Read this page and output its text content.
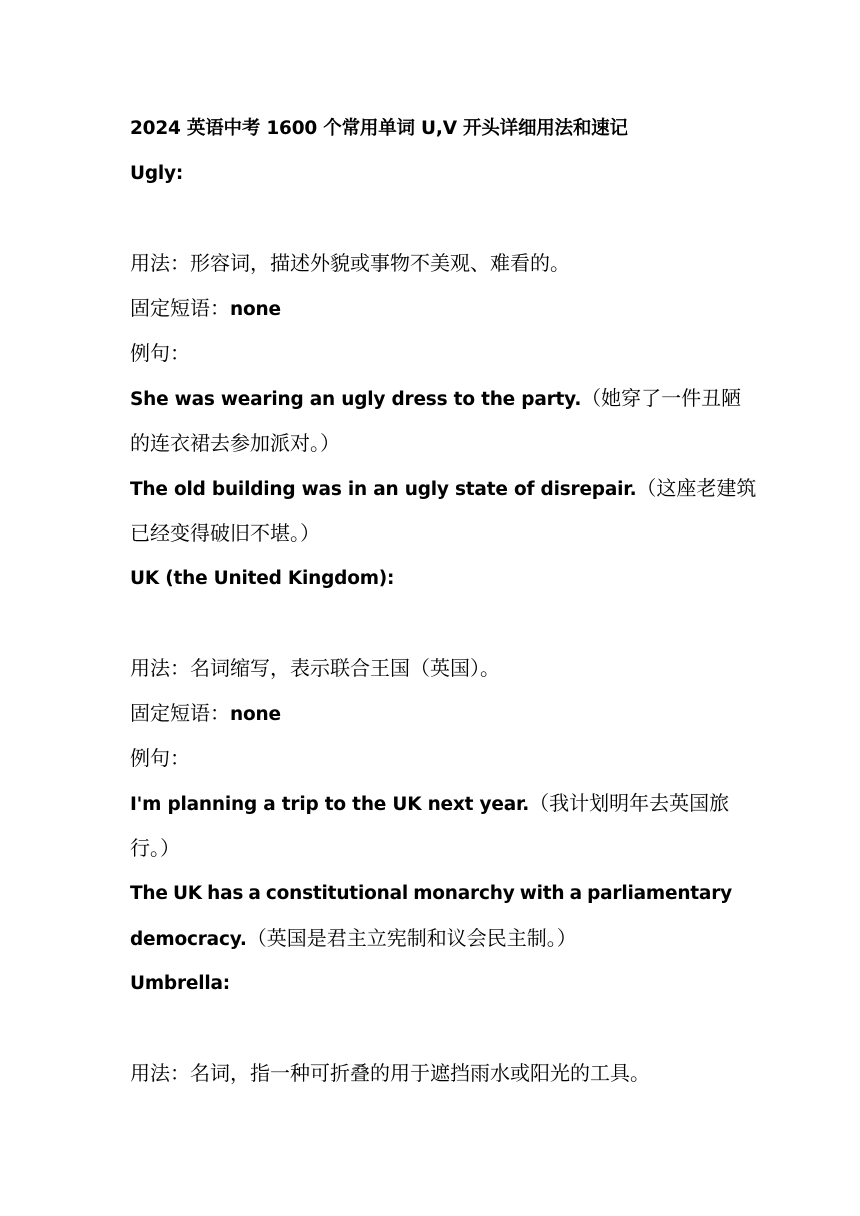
2024 英语中考 1600 个常用单词 U,V 开头详细用法和速记
Ugly:
用法：形容词，描述外貌或事物不美观、难看的。
固定短语：none
例句：
She was wearing an ugly dress to the party.（她穿了一件丑陋
的连衣裙去参加派对。）
The old building was in an ugly state of disrepair.（这座老建筑
已经变得破旧不堪。）
UK (the United Kingdom):
用法：名词缩写，表示联合王国（英国）。
固定短语：none
例句：
I'm planning a trip to the UK next year.（我计划明年去英国旅
行。）
The UK has a constitutional monarchy with a parliamentary
democracy.（英国是君主立宪制和议会民主制。）
Umbrella:
用法：名词，指一种可折叠的用于遮挡雨水或阳光的工具。
